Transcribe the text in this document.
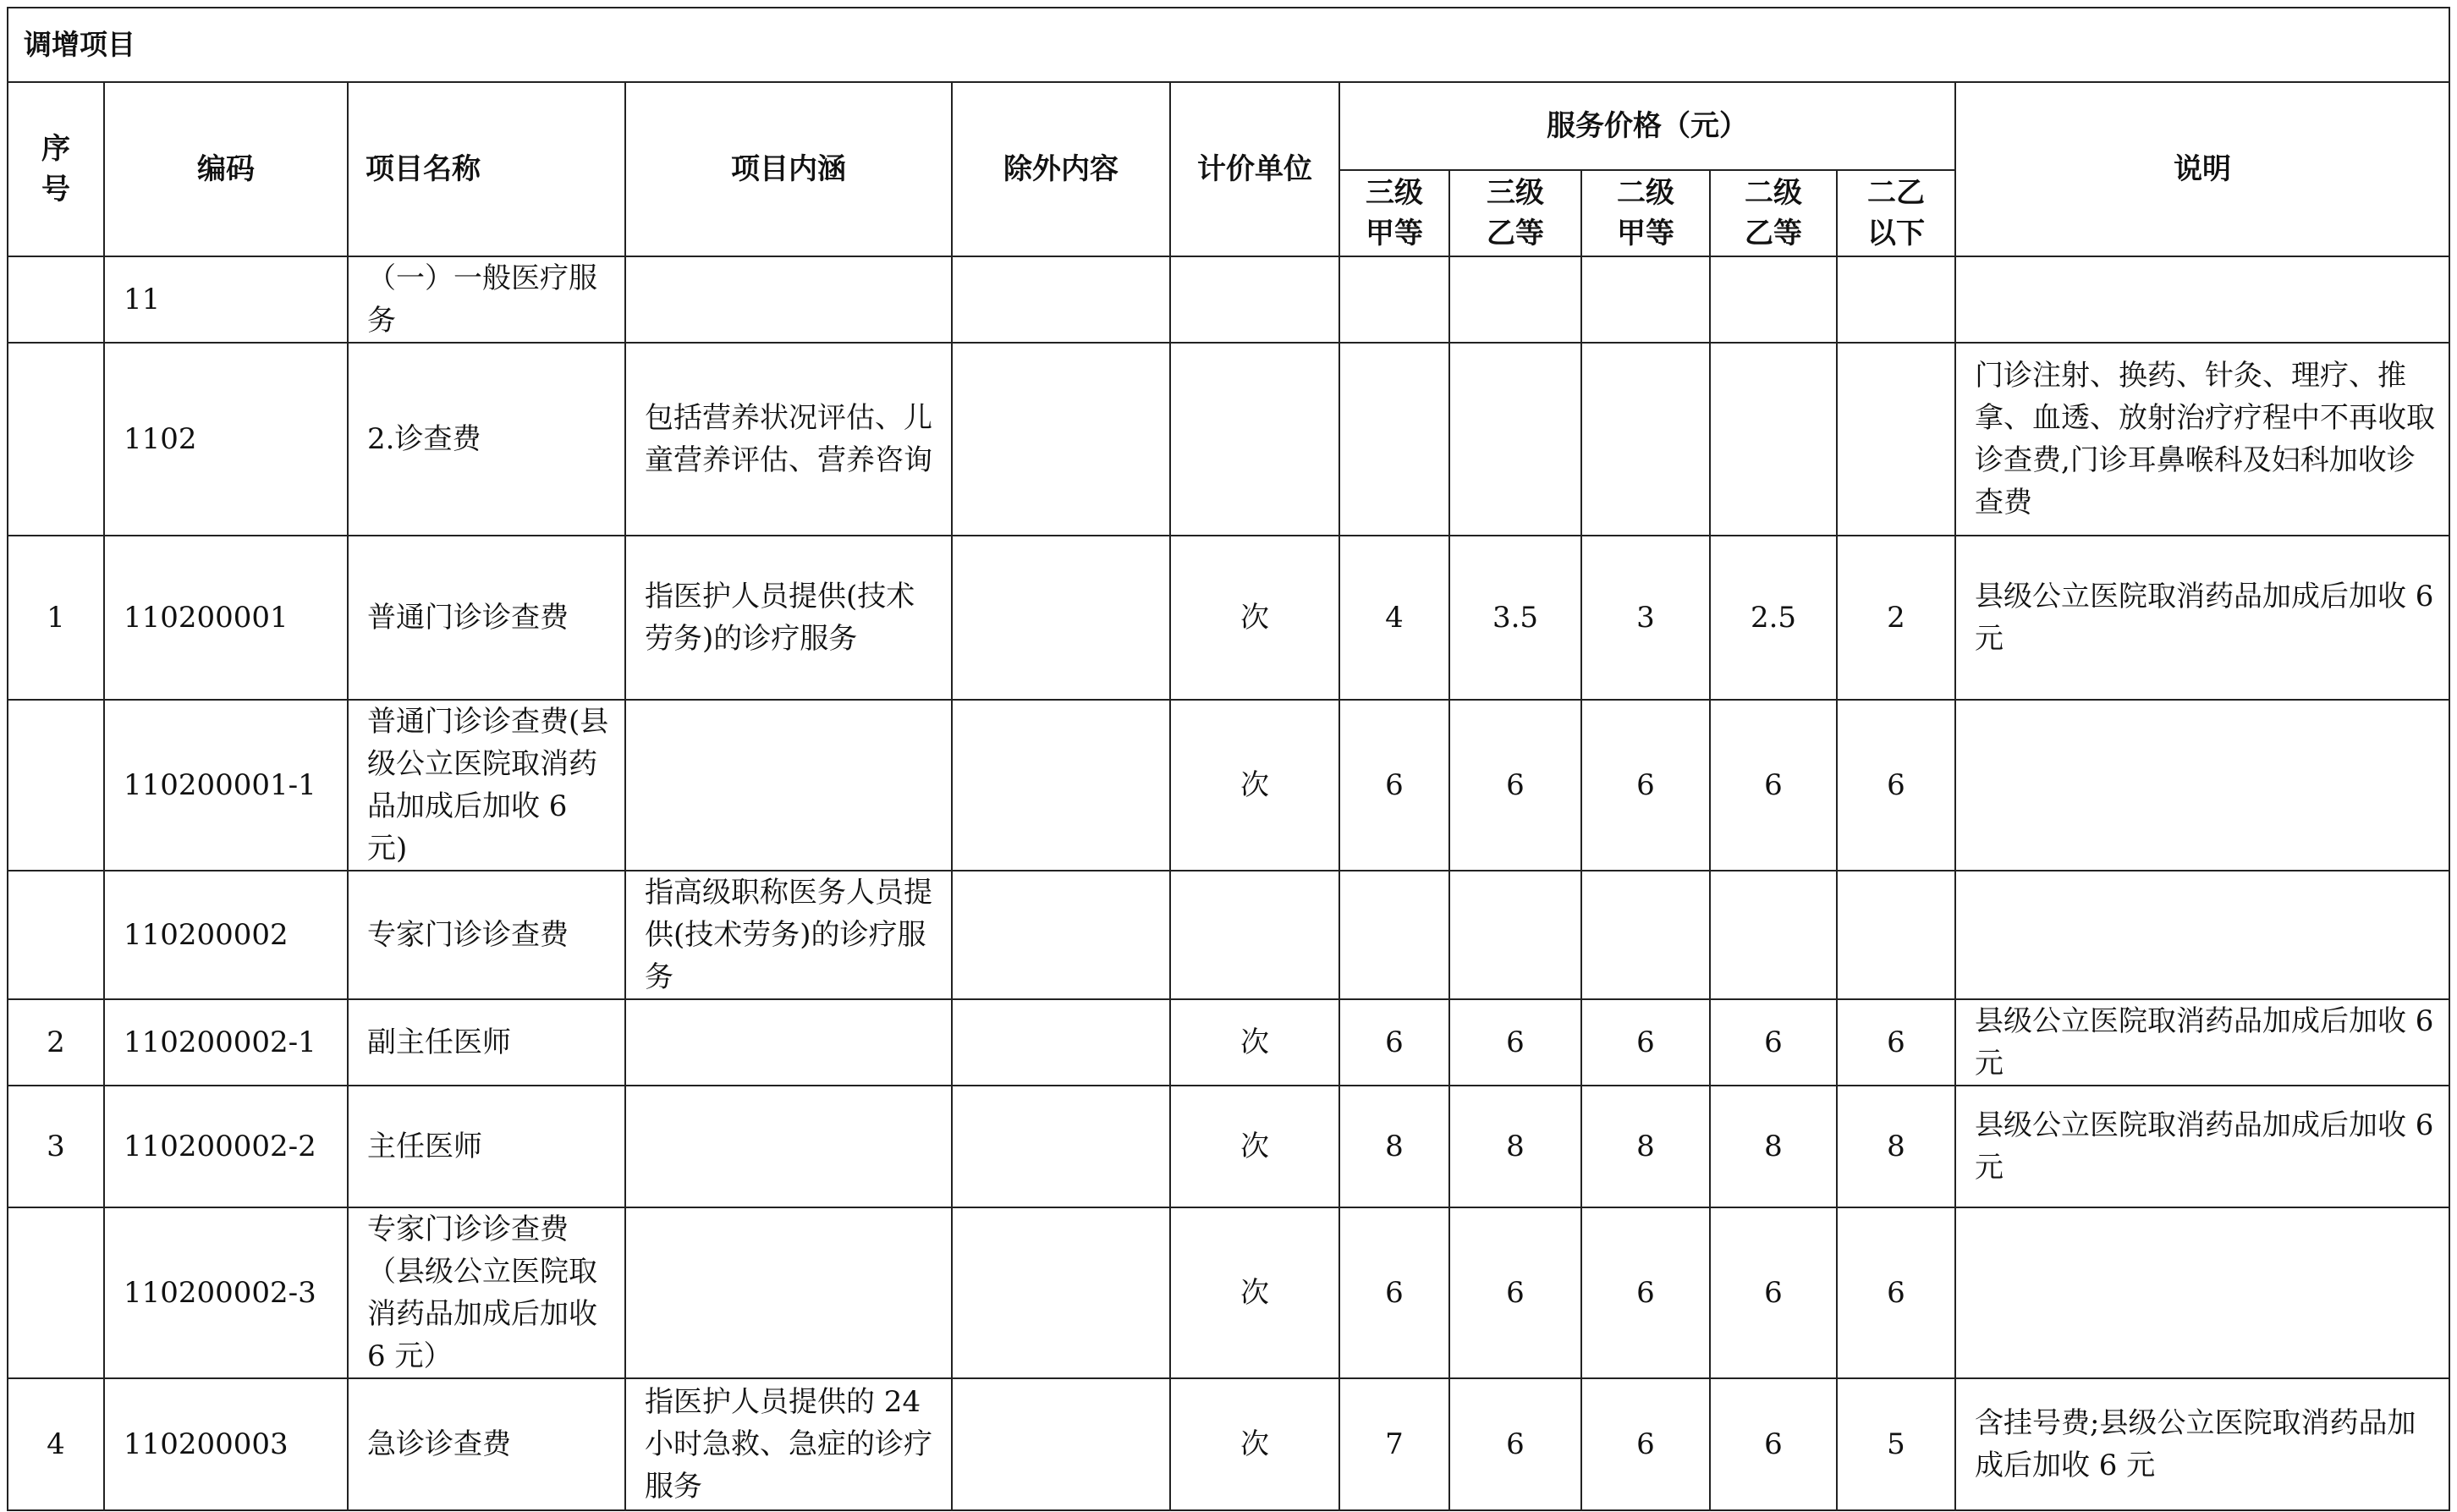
调增项目											

序号	编码	项目名称	项目内涵	除外内容	计价单位	服务价格（元）					说明

						三级甲等	三级乙等	二级甲等	二级乙等	二乙以下	

	11	（一）一般医疗服务									
	1102	2.诊查费	包括营养状况评估、儿童营养评估、营养咨询								门诊注射、换药、针灸、理疗、推拿、血透、放射治疗疗程中不再收取诊查费,门诊耳鼻喉科及妇科加收诊查费
1	110200001	普通门诊诊查费	指医护人员提供(技术劳务)的诊疗服务		次	4	3.5	3	2.5	2	县级公立医院取消药品加成后加收 6 元
	110200001-1	普通门诊诊查费(县级公立医院取消药品加成后加收 6 元)			次	6	6	6	6	6	
	110200002	专家门诊诊查费	指高级职称医务人员提供(技术劳务)的诊疗服务								
2	110200002-1	副主任医师			次	6	6	6	6	6	县级公立医院取消药品加成后加收 6 元
3	110200002-2	主任医师			次	8	8	8	8	8	县级公立医院取消药品加成后加收 6 元
	110200002-3	专家门诊诊查费（县级公立医院取消药品加成后加收 6 元）			次	6	6	6	6	6	
4	110200003	急诊诊查费	指医护人员提供的 24 小时急救、急症的诊疗服务		次	7	6	6	6	5	含挂号费;县级公立医院取消药品加成后加收 6 元
